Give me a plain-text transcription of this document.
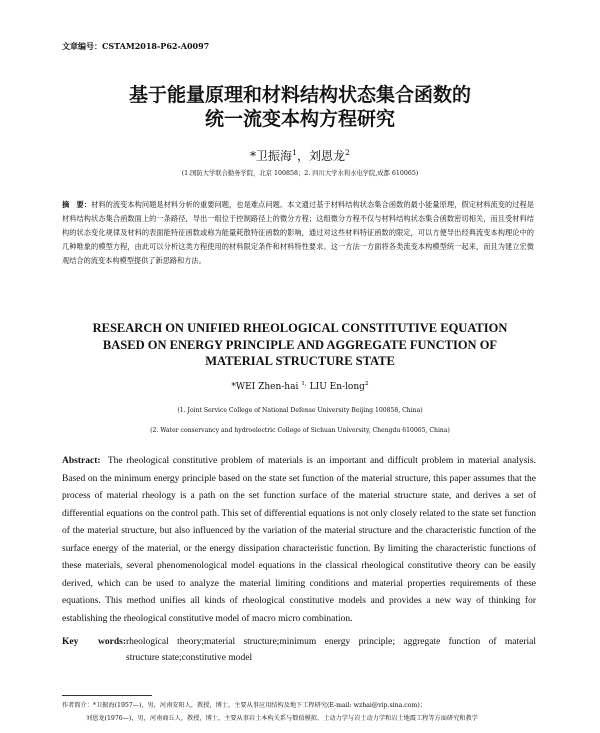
文章编号：CSTAM2018-P62-A0097
基于能量原理和材料结构状态集合函数的
统一流变本构方程研究
*卫振海$^1$，刘恩龙$^2$
(1.国防大学联合勤务学院，北京 100858；2. 四川大学水利水电学院,成都 610065)
摘　要：材料的流变本构问题是材料分析的重要问题，也是难点问题。本文通过基于材料结构状态集合函数的最小能量原理，假定材料流变的过程是材料结构状态集合函数面上的一条路径，导出一组位于控制路径上的微分方程；这组微分方程不仅与材料结构状态集合函数密切相关，而且受材料结构的状态变化规律及材料的表面能特征函数或称为能量耗散特征函数的影响，通过对这些材料特征函数的限定，可以方便导出经典流变本构理论中的几种唯象的模型方程，由此可以分析这类方程使用的材料限定条件和材料特性要求。这一方法一方面将各类流变本构模型统一起来，而且为建立宏微观结合的流变本构模型提供了新思路和方法。
RESEARCH ON UNIFIED RHEOLOGICAL CONSTITUTIVE EQUATION
BASED ON ENERGY PRINCIPLE AND AGGREGATE FUNCTION OF
MATERIAL STRUCTURE STATE
*WEI Zhen-hai $^{1,}$ LIU En-long$^2$
(1. Joint Service College of National Defense University Beijing 100858, China)
(2. Water conservancy and hydroelectric College of Sichuan University, Chengdu 610065, China)
Abstract: The rheological constitutive problem of materials is an important and difficult problem in material analysis. Based on the minimum energy principle based on the state set function of the material structure, this paper assumes that the process of material rheology is a path on the set function surface of the material structure state, and derives a set of differential equations on the control path. This set of differential equations is not only closely related to the state set function of the material structure, but also influenced by the variation of the material structure and the characteristic function of the surface energy of the material, or the energy dissipation characteristic function. By limiting the characteristic functions of these materials, several phenomenological model equations in the classical rheological constitutive theory can be easily derived, which can be used to analyze the material limiting conditions and material properties requirements of these equations. This method unifies all kinds of rheological constitutive models and provides a new way of thinking for establishing the rheological constitutive model of macro micro combination.
Key words:rheological theory;material structure;minimum energy principle; aggregate function of material
structure state;constitutive model
作者简介：*卫振海(1957—)，男，河南安阳人，教授，博士，主要从事应用结构及地下工程研究(E-mail: wzhai@vip.sina.com)；
刘恩龙(1976—)，男，河南商丘人，教授，博士，主要从事岩土本构关系与数值模拟、土动力学与岩土动力学和岩土地震工程等方面研究和教学
